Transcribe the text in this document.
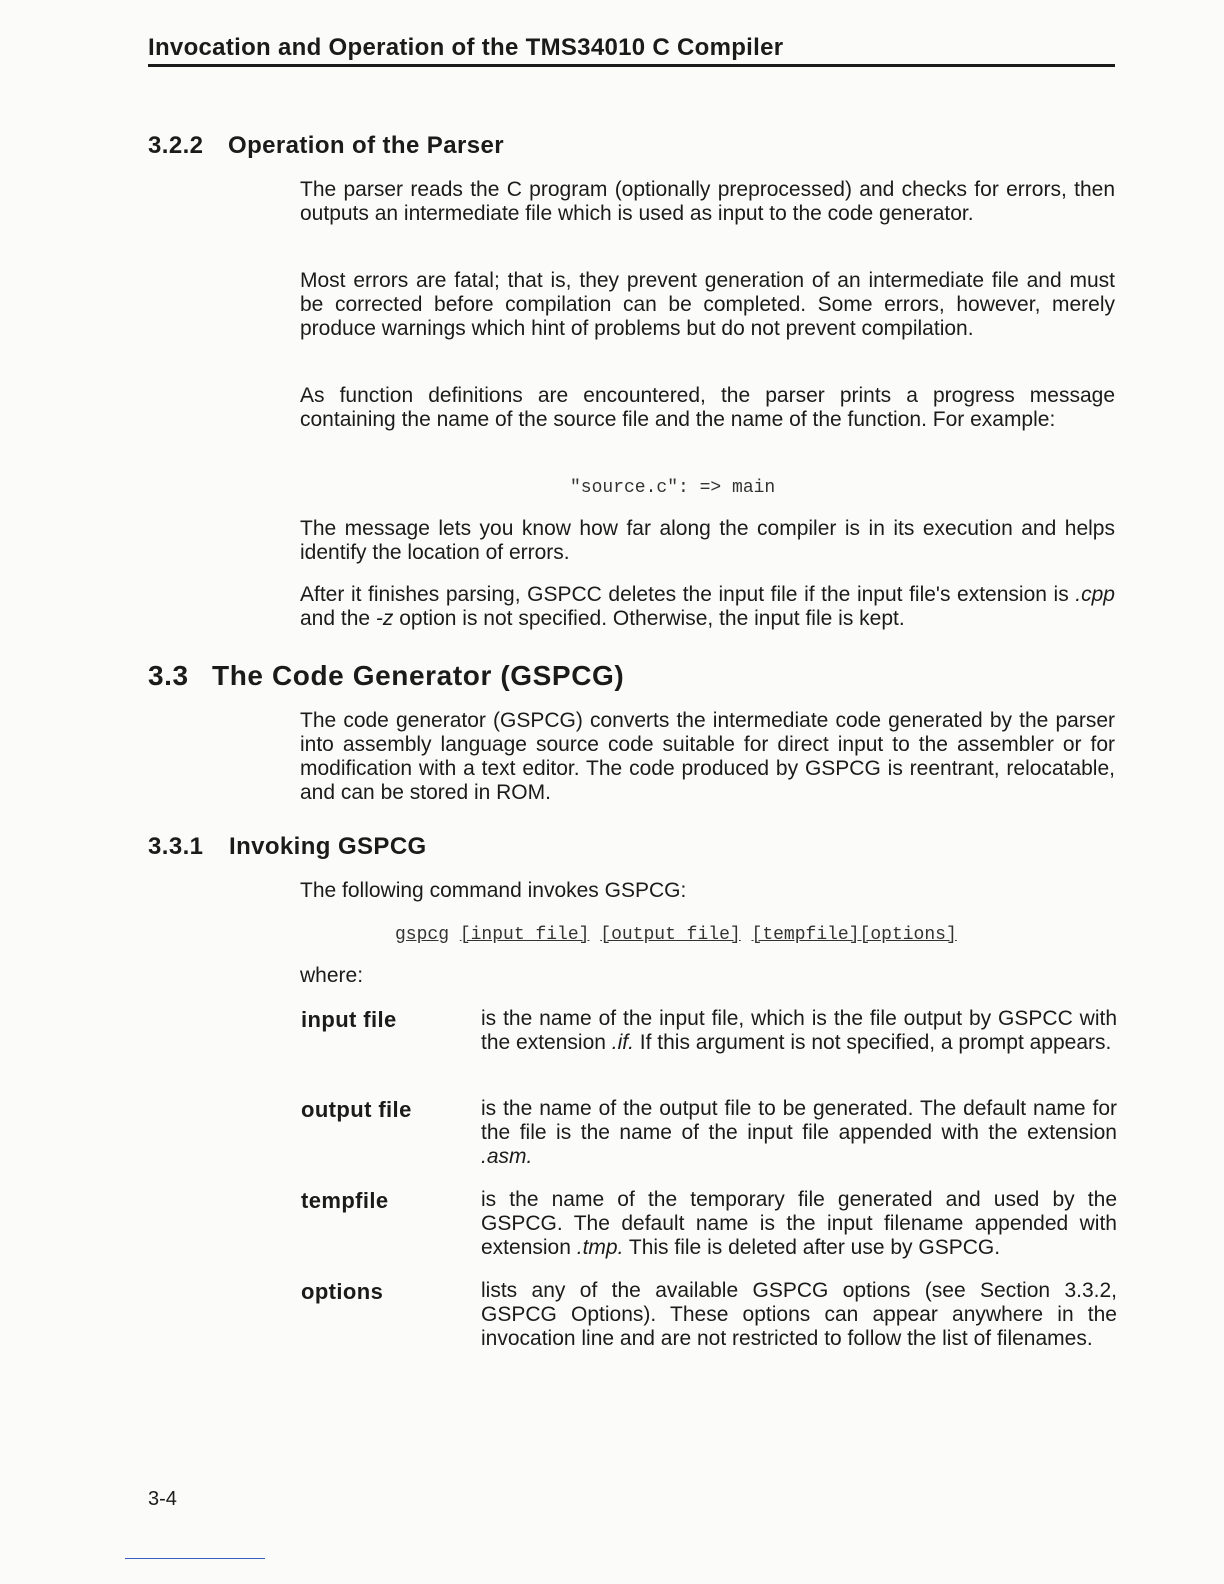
Invocation and Operation of the TMS34010 C Compiler
3.2.2 Operation of the Parser

The parser reads the C program (optionally preprocessed) and checks for errors, then outputs an intermediate file which is used as input to the code generator.

Most errors are fatal; that is, they prevent generation of an intermediate file and must be corrected before compilation can be completed. Some errors, however, merely produce warnings which hint of problems but do not prevent compilation.

As function definitions are encountered, the parser prints a progress message containing the name of the source file and the name of the function. For example:

"source.c": => main

The message lets you know how far along the compiler is in its execution and helps identify the location of errors.

After it finishes parsing, GSPCC deletes the input file if the input file's extension is .cpp and the -z option is not specified. Otherwise, the input file is kept.

3.3 The Code Generator (GSPCG)

The code generator (GSPCG) converts the intermediate code generated by the parser into assembly language source code suitable for direct input to the assembler or for modification with a text editor. The code produced by GSPCG is reentrant, relocatable, and can be stored in ROM.

3.3.1 Invoking GSPCG

The following command invokes GSPCG:

gspcg [input file] [output file] [tempfile][options]

where:

input file	is the name of the input file, which is the file output by GSPCC with the extension .if. If this argument is not specified, a prompt appears.

output file	is the name of the output file to be generated. The default name for the file is the name of the input file appended with the extension .asm.

tempfile	is the name of the temporary file generated and used by the GSPCG. The default name is the input filename appended with extension .tmp. This file is deleted after use by GSPCG.

options	lists any of the available GSPCG options (see Section 3.3.2, GSPCG Options). These options can appear anywhere in the invocation line and are not restricted to follow the list of filenames.

3-4
